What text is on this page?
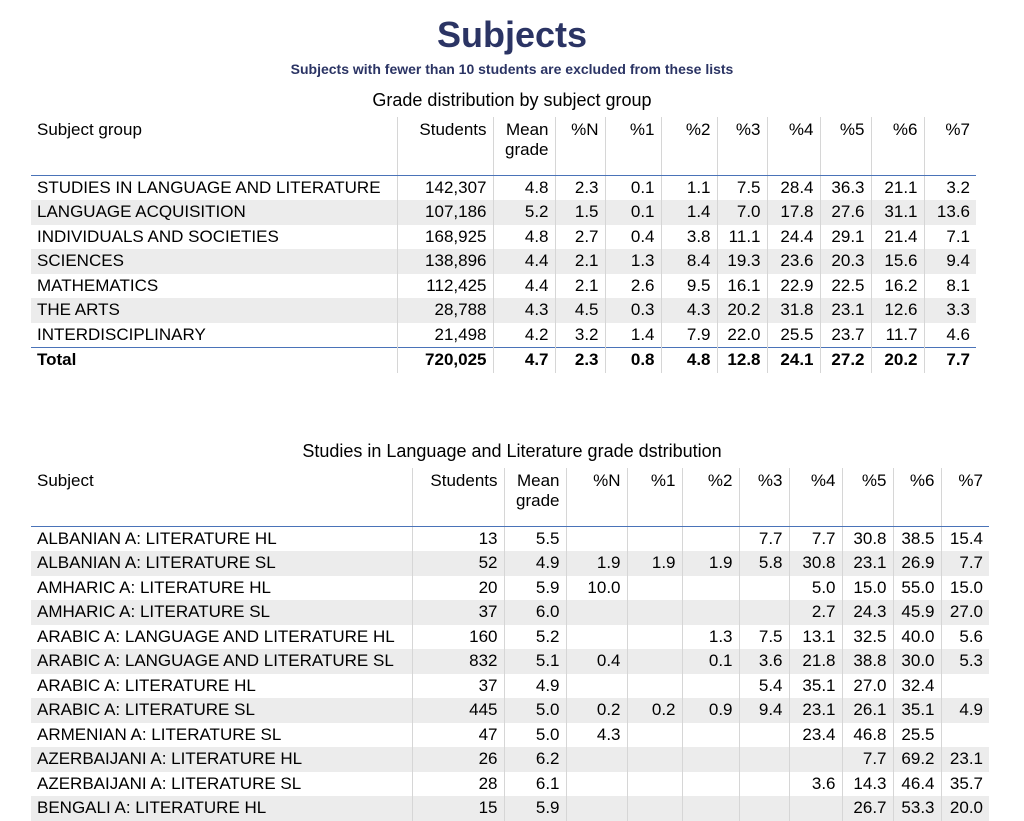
Subjects
Subjects with fewer than 10 students are excluded from these lists
Grade distribution by subject group
Subject group	Students	Mean grade	%N	%1	%2	%3	%4	%5	%6	%7
STUDIES IN LANGUAGE AND LITERATURE	142,307	4.8	2.3	0.1	1.1	7.5	28.4	36.3	21.1	3.2
LANGUAGE ACQUISITION	107,186	5.2	1.5	0.1	1.4	7.0	17.8	27.6	31.1	13.6
INDIVIDUALS AND SOCIETIES	168,925	4.8	2.7	0.4	3.8	11.1	24.4	29.1	21.4	7.1
SCIENCES	138,896	4.4	2.1	1.3	8.4	19.3	23.6	20.3	15.6	9.4
MATHEMATICS	112,425	4.4	2.1	2.6	9.5	16.1	22.9	22.5	16.2	8.1
THE ARTS	28,788	4.3	4.5	0.3	4.3	20.2	31.8	23.1	12.6	3.3
INTERDISCIPLINARY	21,498	4.2	3.2	1.4	7.9	22.0	25.5	23.7	11.7	4.6
Total	720,025	4.7	2.3	0.8	4.8	12.8	24.1	27.2	20.2	7.7
Studies in Language and Literature grade dstribution
Subject	Students	Mean grade	%N	%1	%2	%3	%4	%5	%6	%7
ALBANIAN A: LITERATURE HL	13	5.5				7.7	7.7	30.8	38.5	15.4
ALBANIAN A: LITERATURE SL	52	4.9	1.9	1.9	1.9	5.8	30.8	23.1	26.9	7.7
AMHARIC A: LITERATURE HL	20	5.9	10.0				5.0	15.0	55.0	15.0
AMHARIC A: LITERATURE SL	37	6.0					2.7	24.3	45.9	27.0
ARABIC A: LANGUAGE AND LITERATURE HL	160	5.2			1.3	7.5	13.1	32.5	40.0	5.6
ARABIC A: LANGUAGE AND LITERATURE SL	832	5.1	0.4		0.1	3.6	21.8	38.8	30.0	5.3
ARABIC A: LITERATURE HL	37	4.9				5.4	35.1	27.0	32.4	
ARABIC A: LITERATURE SL	445	5.0	0.2	0.2	0.9	9.4	23.1	26.1	35.1	4.9
ARMENIAN A: LITERATURE SL	47	5.0	4.3				23.4	46.8	25.5	
AZERBAIJANI A: LITERATURE HL	26	6.2						7.7	69.2	23.1
AZERBAIJANI A: LITERATURE SL	28	6.1					3.6	14.3	46.4	35.7
BENGALI A: LITERATURE HL	15	5.9						26.7	53.3	20.0
